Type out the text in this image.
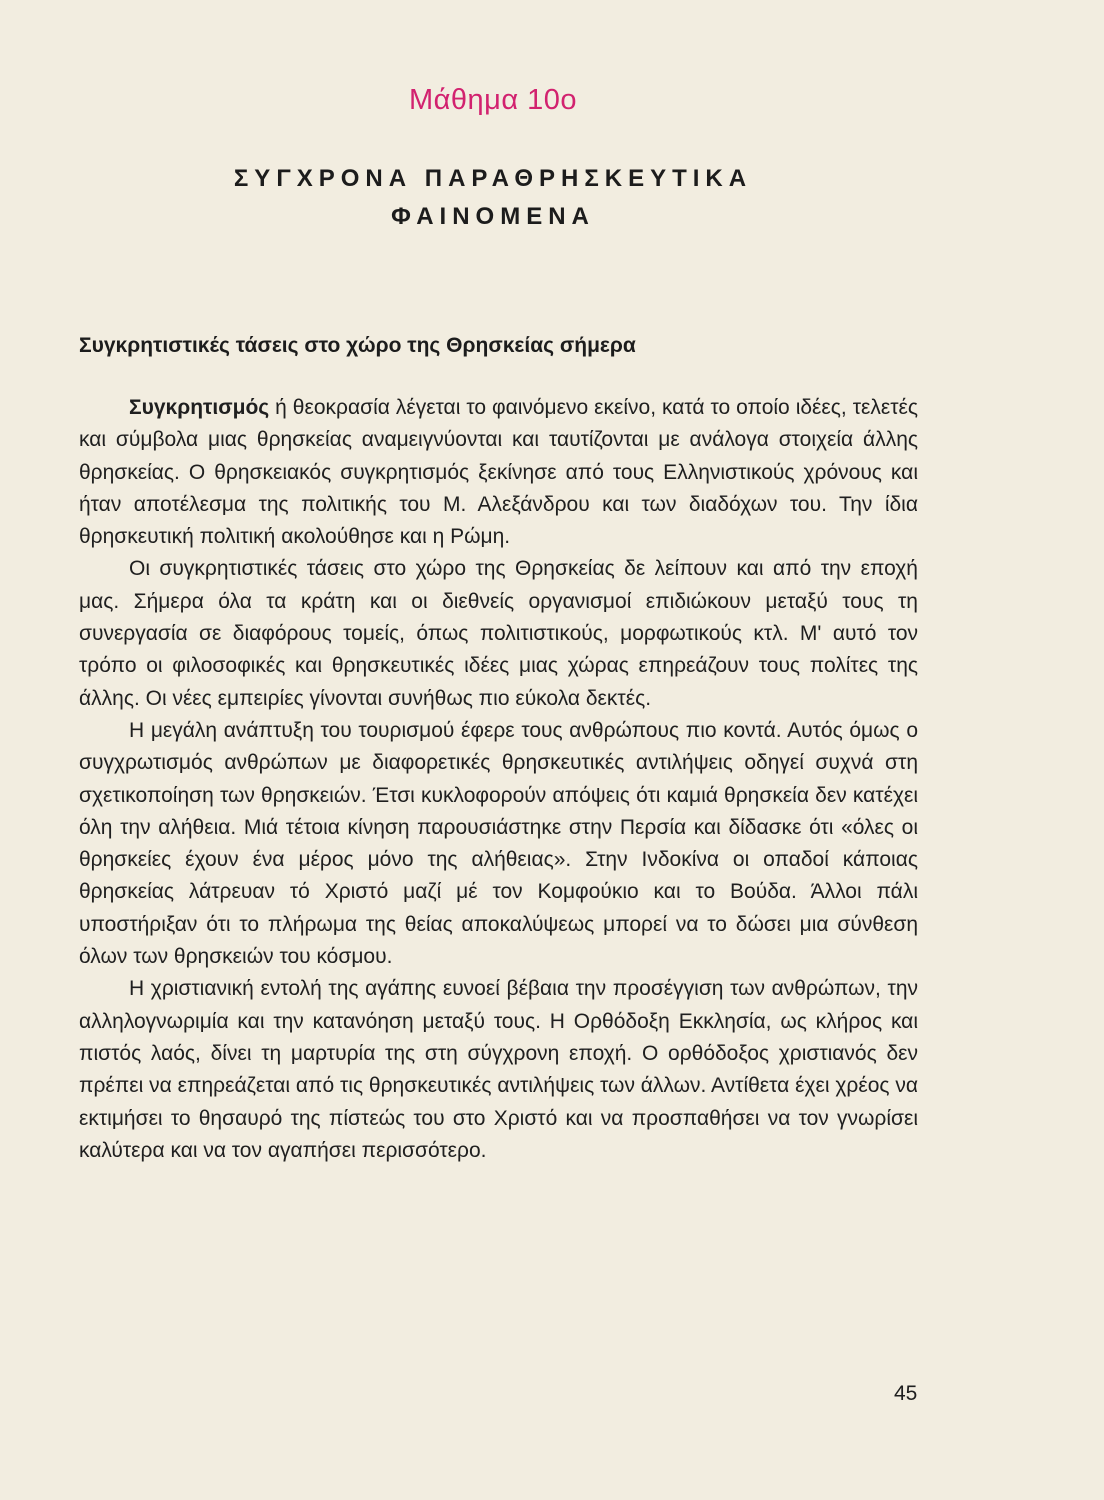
Μάθημα 10ο
ΣΥΓΧΡΟΝΑ ΠΑΡΑΘΡΗΣΚΕΥΤΙΚΑ
ΦΑΙΝΟΜΕΝΑ
Συγκρητιστικές τάσεις στο χώρο της Θρησκείας σήμερα

Συγκρητισμός ή θεοκρασία λέγεται το φαινόμενο εκείνο, κατά το οποίο ιδέες, τελετές και σύμβολα μιας θρησκείας αναμειγνύονται και ταυτίζονται με ανάλογα στοιχεία άλλης θρησκείας. Ο θρησκειακός συγκρητισμός ξεκίνησε από τους Ελληνιστικούς χρόνους και ήταν αποτέλεσμα της πολιτικής του Μ. Αλεξάνδρου και των διαδόχων του. Την ίδια θρησκευτική πολιτική ακολούθησε και η Ρώμη.

Οι συγκρητιστικές τάσεις στο χώρο της Θρησκείας δε λείπουν και από την εποχή μας. Σήμερα όλα τα κράτη και οι διεθνείς οργανισμοί επιδιώκουν μεταξύ τους τη συνεργασία σε διαφόρους τομείς, όπως πολιτιστικούς, μορφωτικούς κτλ. Μ' αυτό τον τρόπο οι φιλοσοφικές και θρησκευτικές ιδέες μιας χώρας επηρεάζουν τους πολίτες της άλλης. Οι νέες εμπειρίες γίνονται συνήθως πιο εύκολα δεκτές.

Η μεγάλη ανάπτυξη του τουρισμού έφερε τους ανθρώπους πιο κοντά. Αυτός όμως ο συγχρωτισμός ανθρώπων με διαφορετικές θρησκευτικές αντιλήψεις οδηγεί συχνά στη σχετικοποίηση των θρησκειών. Έτσι κυκλοφορούν απόψεις ότι καμιά θρησκεία δεν κατέχει όλη την αλήθεια. Μιά τέτοια κίνηση παρουσιάστηκε στην Περσία και δίδασκε ότι «όλες οι θρησκείες έχουν ένα μέρος μόνο της αλήθειας». Στην Ινδοκίνα οι οπαδοί κάποιας θρησκείας λάτρευαν τό Χριστό μαζί μέ τον Κομφούκιο και το Βούδα. Άλλοι πάλι υποστήριξαν ότι το πλήρωμα της θείας αποκαλύψεως μπορεί να το δώσει μια σύνθεση όλων των θρησκειών του κόσμου.

Η χριστιανική εντολή της αγάπης ευνοεί βέβαια την προσέγγιση των ανθρώπων, την αλληλογνωριμία και την κατανόηση μεταξύ τους. Η Ορθόδοξη Εκκλησία, ως κλήρος και πιστός λαός, δίνει τη μαρτυρία της στη σύγχρονη εποχή. Ο ορθόδοξος χριστιανός δεν πρέπει να επηρεάζεται από τις θρησκευτικές αντιλήψεις των άλλων. Αντίθετα έχει χρέος να εκτιμήσει το θησαυρό της πίστεώς του στο Χριστό και να προσπαθήσει να τον γνωρίσει καλύτερα και να τον αγαπήσει περισσότερο.

45
